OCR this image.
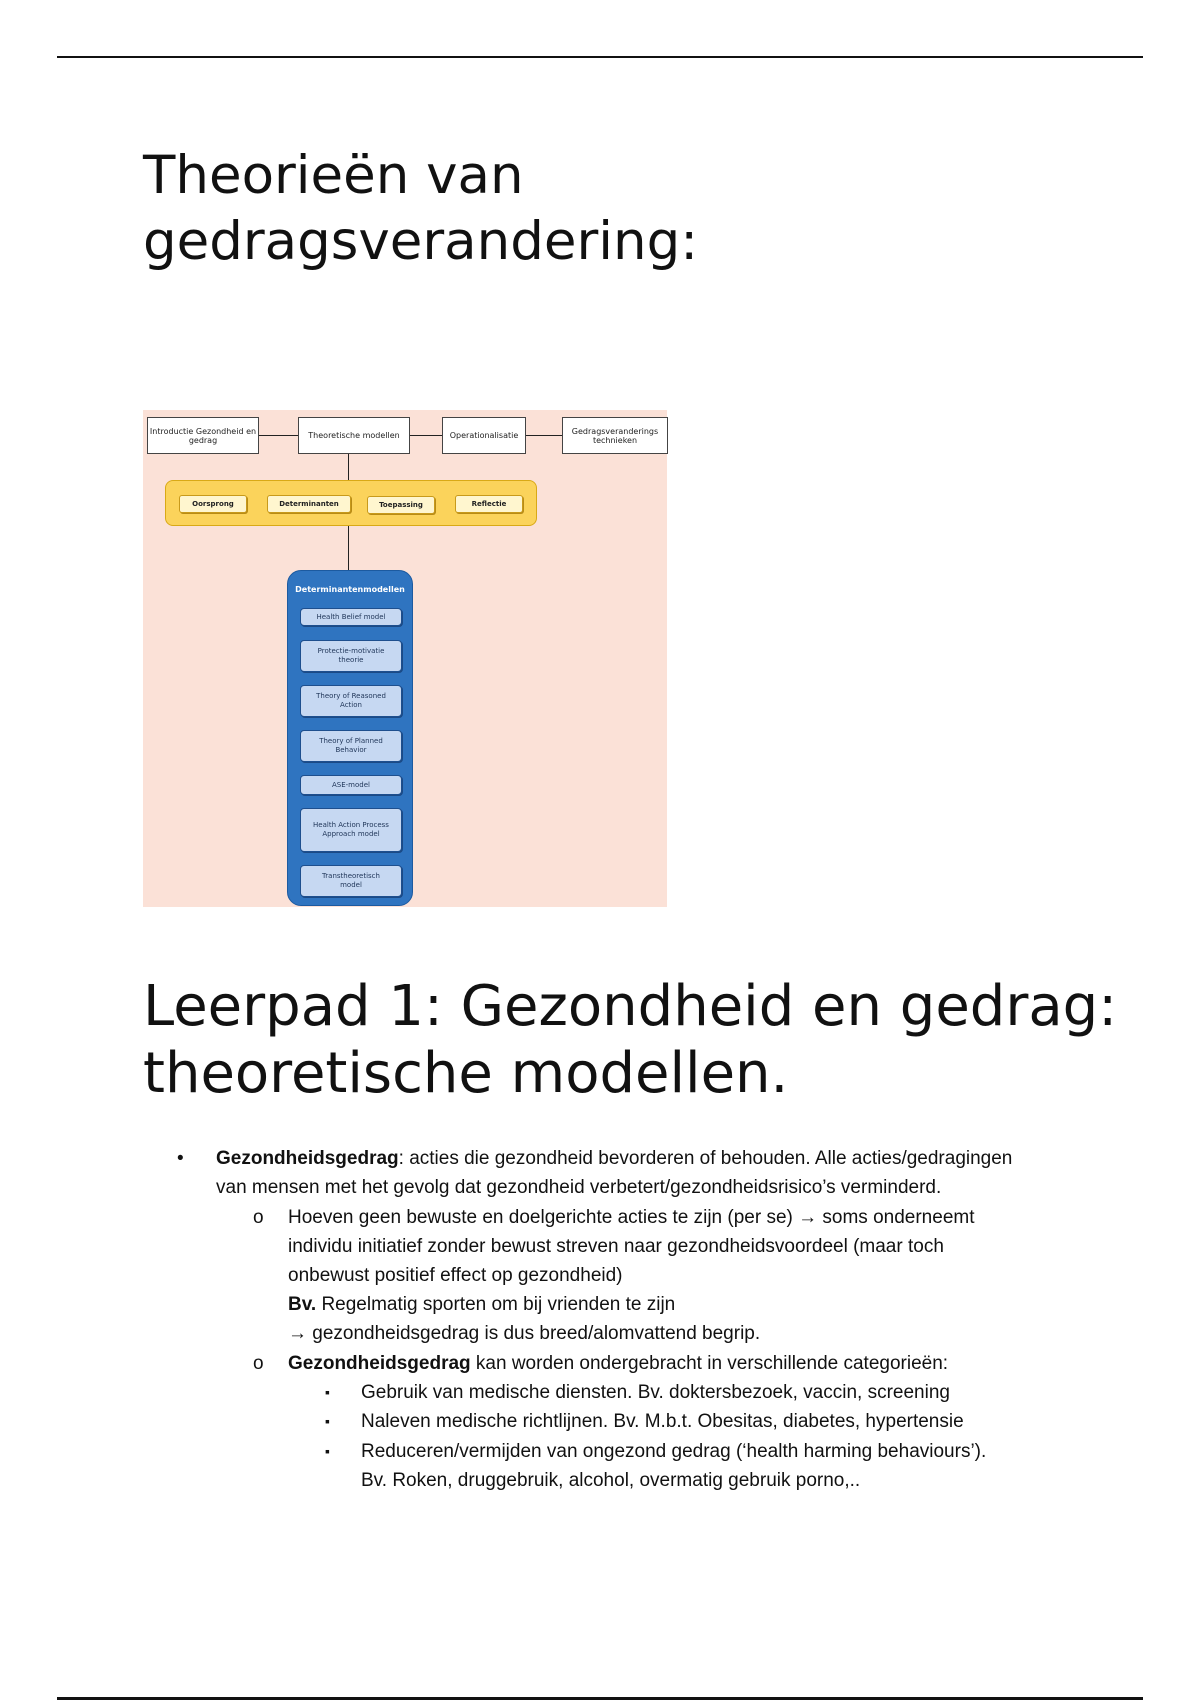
Theorieën van gedragsverandering:
Introductie Gezondheid en gedrag	Theoretische modellen	Operationalisatie	Gedragsveranderings technieken
Oorsprong	Determinanten	Toepassing	Reflectie
Determinantenmodellen
Health Belief model
Protectie-motivatie theorie
Theory of Reasoned Action
Theory of Planned Behavior
ASE-model
Health Action Process Approach model
Transtheoretisch model
Leerpad 1: Gezondheid en gedrag: theoretische modellen.
• Gezondheidsgedrag: acties die gezondheid bevorderen of behouden. Alle acties/gedragingen
van mensen met het gevolg dat gezondheid verbetert/gezondheidsrisico’s verminderd.
o Hoeven geen bewuste en doelgerichte acties te zijn (per se) → soms onderneemt
individu initiatief zonder bewust streven naar gezondheidsvoordeel (maar toch
onbewust positief effect op gezondheid)
Bv. Regelmatig sporten om bij vrienden te zijn
→ gezondheidsgedrag is dus breed/alomvattend begrip.
o Gezondheidsgedrag kan worden ondergebracht in verschillende categorieën:
▪ Gebruik van medische diensten. Bv. doktersbezoek, vaccin, screening
▪ Naleven medische richtlijnen. Bv. M.b.t. Obesitas, diabetes, hypertensie
▪ Reduceren/vermijden van ongezond gedrag (‘health harming behaviours’).
Bv. Roken, druggebruik, alcohol, overmatig gebruik porno,..
